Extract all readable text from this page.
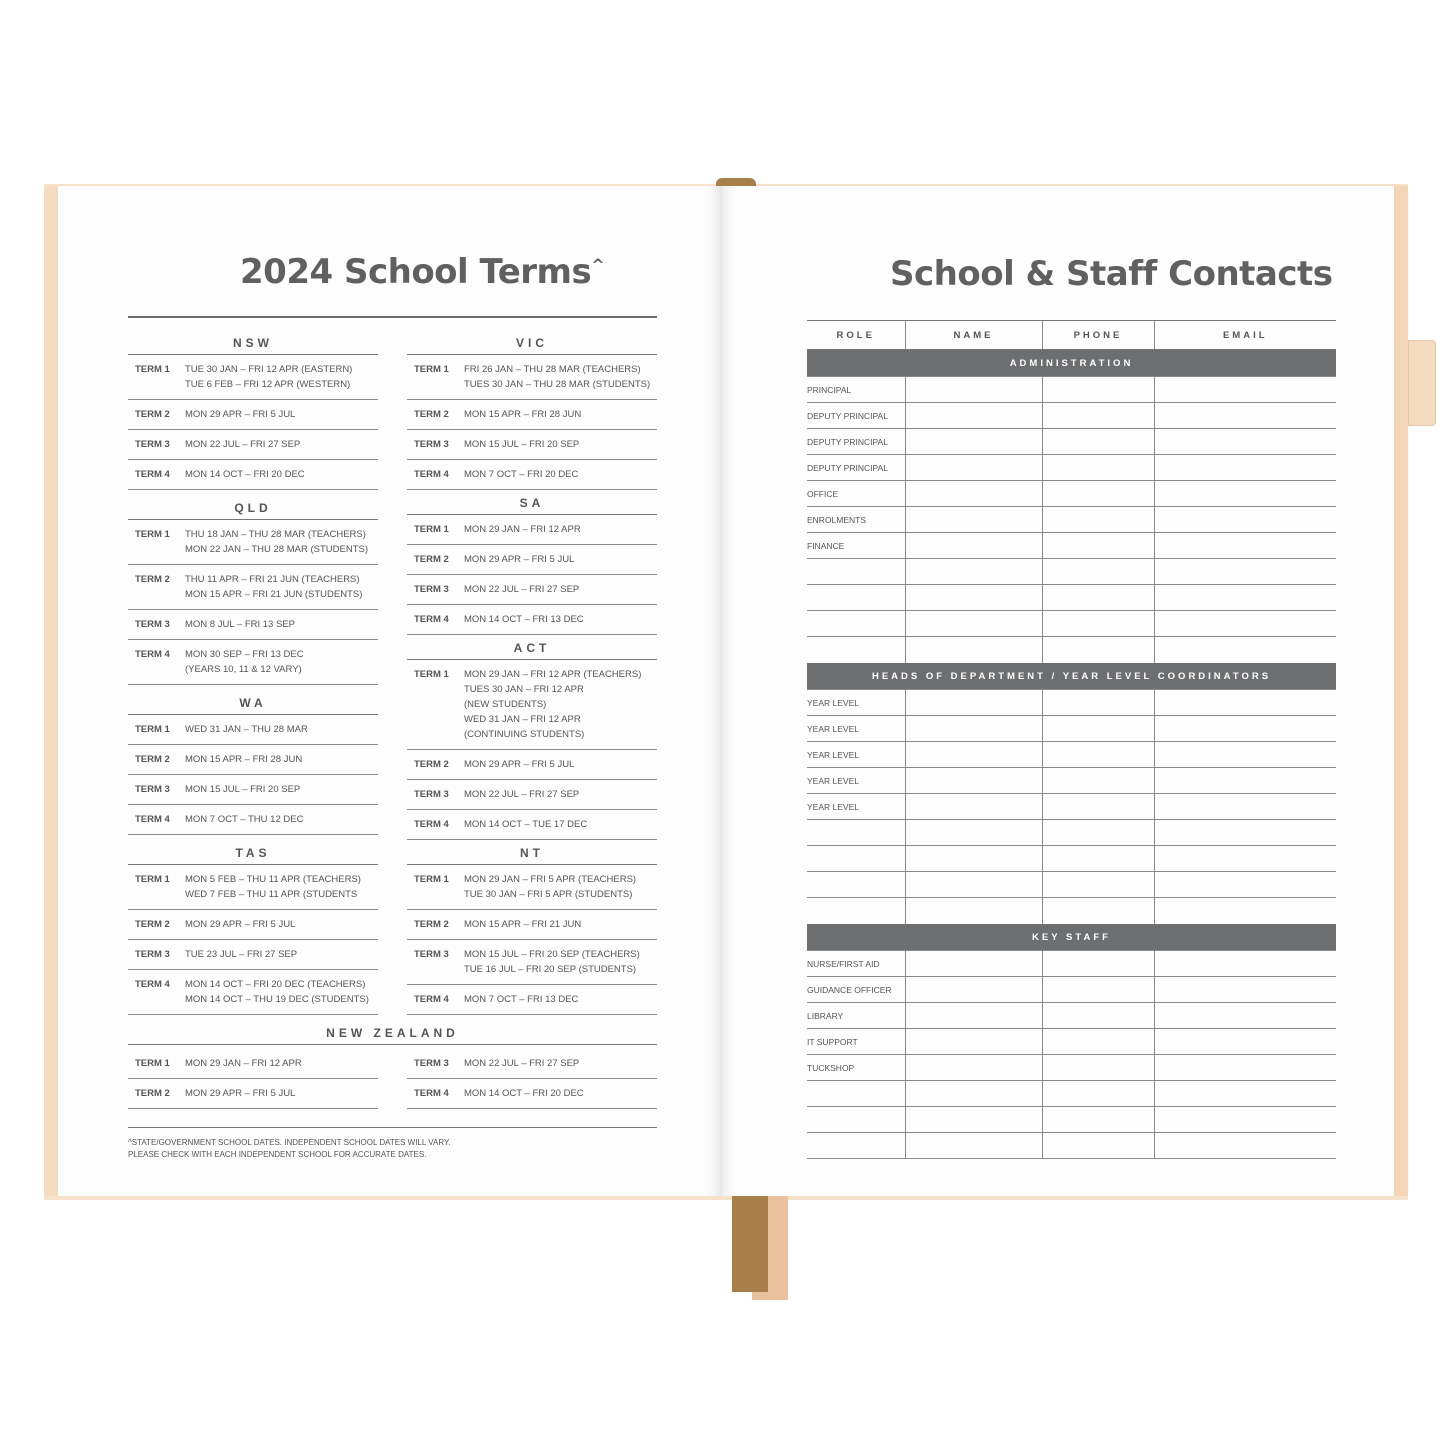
2024 School Terms^
NSW
TERM 1	TUE 30 JAN – FRI 12 APR (EASTERN)
TUE 6 FEB – FRI 12 APR (WESTERN)
TERM 2	MON 29 APR – FRI 5 JUL
TERM 3	MON 22 JUL – FRI 27 SEP
TERM 4	MON 14 OCT – FRI 20 DEC
VIC
TERM 1	FRI 26 JAN – THU 28 MAR (TEACHERS)
TUES 30 JAN – THU 28 MAR (STUDENTS)
TERM 2	MON 15 APR – FRI 28 JUN
TERM 3	MON 15 JUL – FRI 20 SEP
TERM 4	MON 7 OCT – FRI 20 DEC
QLD
TERM 1	THU 18 JAN – THU 28 MAR (TEACHERS)
MON 22 JAN – THU 28 MAR (STUDENTS)
TERM 2	THU 11 APR – FRI 21 JUN (TEACHERS)
MON 15 APR – FRI 21 JUN (STUDENTS)
TERM 3	MON 8 JUL – FRI 13 SEP
TERM 4	MON 30 SEP – FRI 13 DEC
(YEARS 10, 11 & 12 VARY)
SA
TERM 1	MON 29 JAN – FRI 12 APR
TERM 2	MON 29 APR – FRI 5 JUL
TERM 3	MON 22 JUL – FRI 27 SEP
TERM 4	MON 14 OCT – FRI 13 DEC
ACT
TERM 1	MON 29 JAN – FRI 12 APR (TEACHERS)
TUES 30 JAN – FRI 12 APR
(NEW STUDENTS)
WED 31 JAN – FRI 12 APR
(CONTINUING STUDENTS)
TERM 2	MON 29 APR – FRI 5 JUL
TERM 3	MON 22 JUL – FRI 27 SEP
TERM 4	MON 14 OCT – TUE 17 DEC
WA
TERM 1	WED 31 JAN – THU 28 MAR
TERM 2	MON 15 APR – FRI 28 JUN
TERM 3	MON 15 JUL – FRI 20 SEP
TERM 4	MON 7 OCT – THU 12 DEC
TAS
TERM 1	MON 5 FEB – THU 11 APR (TEACHERS)
WED 7 FEB – THU 11 APR (STUDENTS
TERM 2	MON 29 APR – FRI 5 JUL
TERM 3	TUE 23 JUL – FRI 27 SEP
TERM 4	MON 14 OCT – FRI 20 DEC (TEACHERS)
MON 14 OCT – THU 19 DEC (STUDENTS)
NT
TERM 1	MON 29 JAN – FRI 5 APR (TEACHERS)
TUE 30 JAN – FRI 5 APR (STUDENTS)
TERM 2	MON 15 APR – FRI 21 JUN
TERM 3	MON 15 JUL – FRI 20 SEP (TEACHERS)
TUE 16 JUL – FRI 20 SEP (STUDENTS)
TERM 4	MON 7 OCT – FRI 13 DEC
NEW ZEALAND
TERM 1	MON 29 JAN – FRI 12 APR
TERM 2	MON 29 APR – FRI 5 JUL
TERM 3	MON 22 JUL – FRI 27 SEP
TERM 4	MON 14 OCT – FRI 20 DEC
^STATE/GOVERNMENT SCHOOL DATES. INDEPENDENT SCHOOL DATES WILL VARY.
PLEASE CHECK WITH EACH INDEPENDENT SCHOOL FOR ACCURATE DATES.
School & Staff Contacts
ROLE	NAME	PHONE	EMAIL
ADMINISTRATION			
PRINCIPAL			
DEPUTY PRINCIPAL			
DEPUTY PRINCIPAL			
DEPUTY PRINCIPAL			
OFFICE			
ENROLMENTS			
FINANCE			

HEADS OF DEPARTMENT / YEAR LEVEL COORDINATORS			
YEAR LEVEL			
YEAR LEVEL			
YEAR LEVEL			
YEAR LEVEL			
YEAR LEVEL			

KEY STAFF			
NURSE/FIRST AID			
GUIDANCE OFFICER			
LIBRARY			
IT SUPPORT			
TUCKSHOP			
